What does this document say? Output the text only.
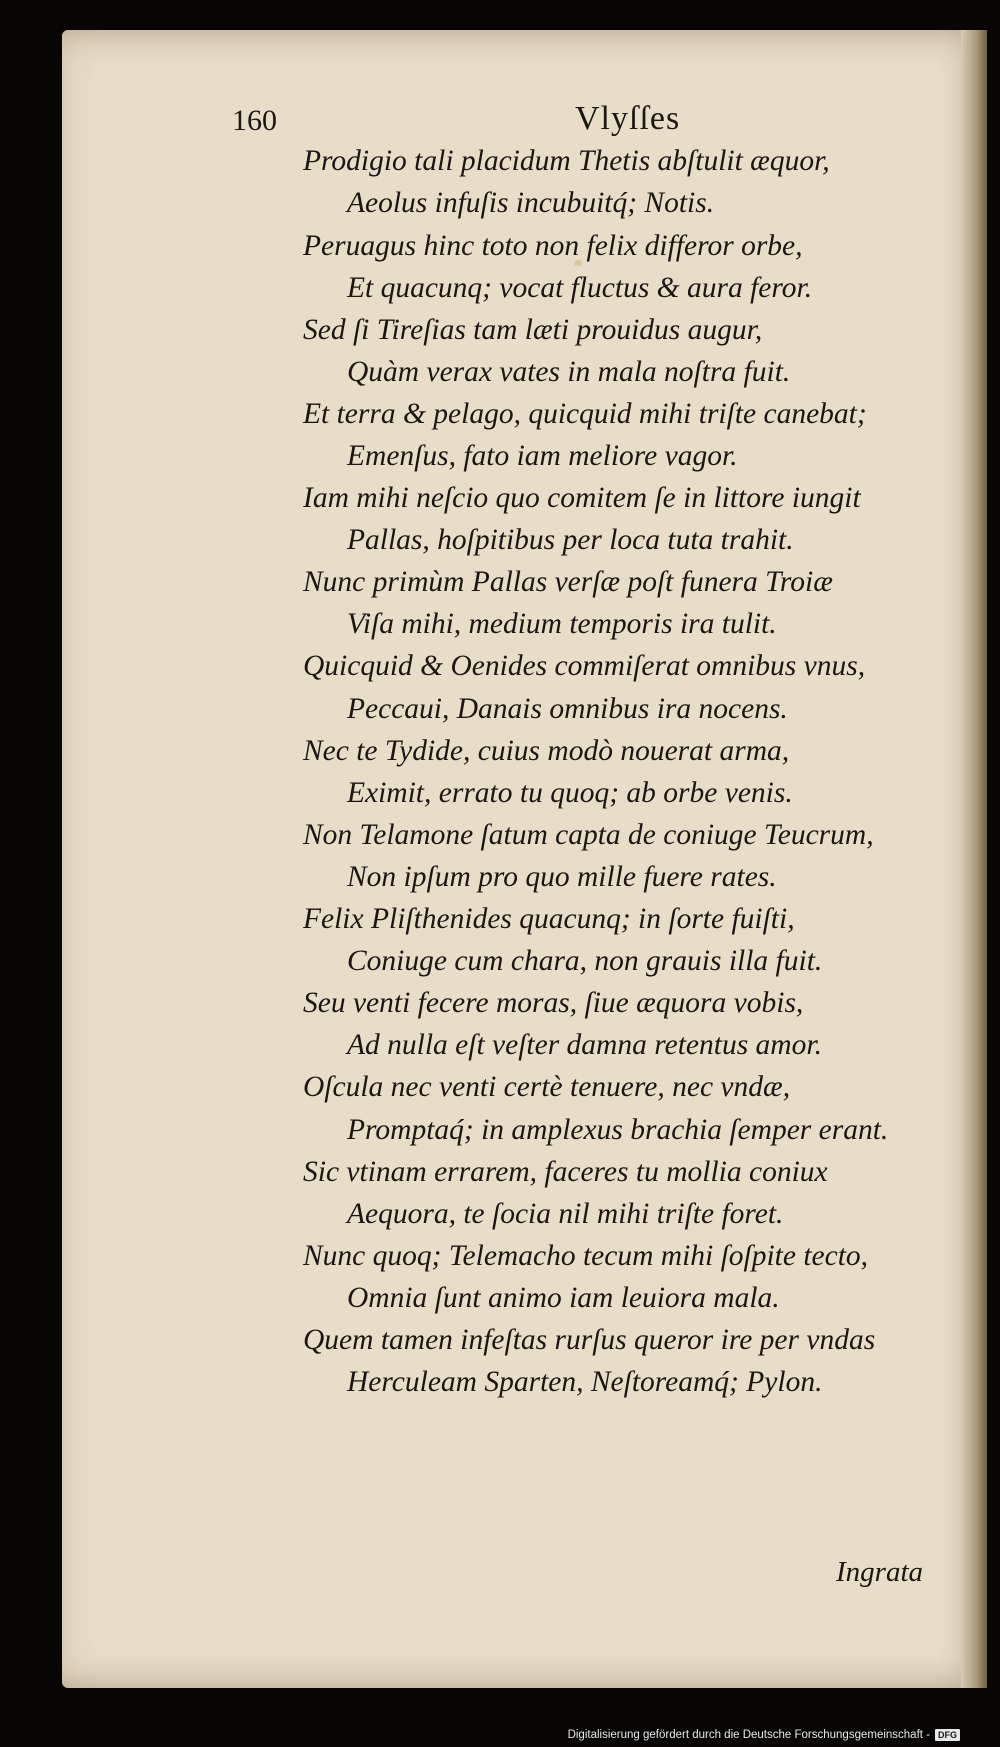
160	Vlyſſes
Prodigio tali placidum Thetis abſtulit æquor,
Aeolus infuſis incubuitq́; Notis.
Peruagus hinc toto non felix differor orbe,
Et quacunq; vocat fluctus & aura feror.
Sed ſi Tireſias tam læti prouidus augur,
Quàm verax vates in mala noſtra fuit.
Et terra & pelago, quicquid mihi triſte canebat;
Emenſus, fato iam meliore vagor.
Iam mihi neſcio quo comitem ſe in littore iungit
Pallas, hoſpitibus per loca tuta trahit.
Nunc primùm Pallas verſæ poſt funera Troiæ
Viſa mihi, medium temporis ira tulit.
Quicquid & Oenides commiſerat omnibus vnus,
Peccaui, Danais omnibus ira nocens.
Nec te Tydide, cuius modò nouerat arma,
Eximit, errato tu quoq; ab orbe venis.
Non Telamone ſatum capta de coniuge Teucrum,
Non ipſum pro quo mille fuere rates.
Felix Pliſthenides quacunq; in ſorte fuiſti,
Coniuge cum chara, non grauis illa fuit.
Seu venti fecere moras, ſiue æquora vobis,
Ad nulla eſt veſter damna retentus amor.
Oſcula nec venti certè tenuere, nec vndæ,
Promptaq́; in amplexus brachia ſemper erant.
Sic vtinam errarem, faceres tu mollia coniux
Aequora, te ſocia nil mihi triſte foret.
Nunc quoq; Telemacho tecum mihi ſoſpite tecto,
Omnia ſunt animo iam leuiora mala.
Quem tamen infeſtas rurſus queror ire per vndas
Herculeam Sparten, Neſtoreamq́; Pylon.
Ingrata
Digitalisierung gefördert durch die Deutsche Forschungsgemeinschaft - DFG
